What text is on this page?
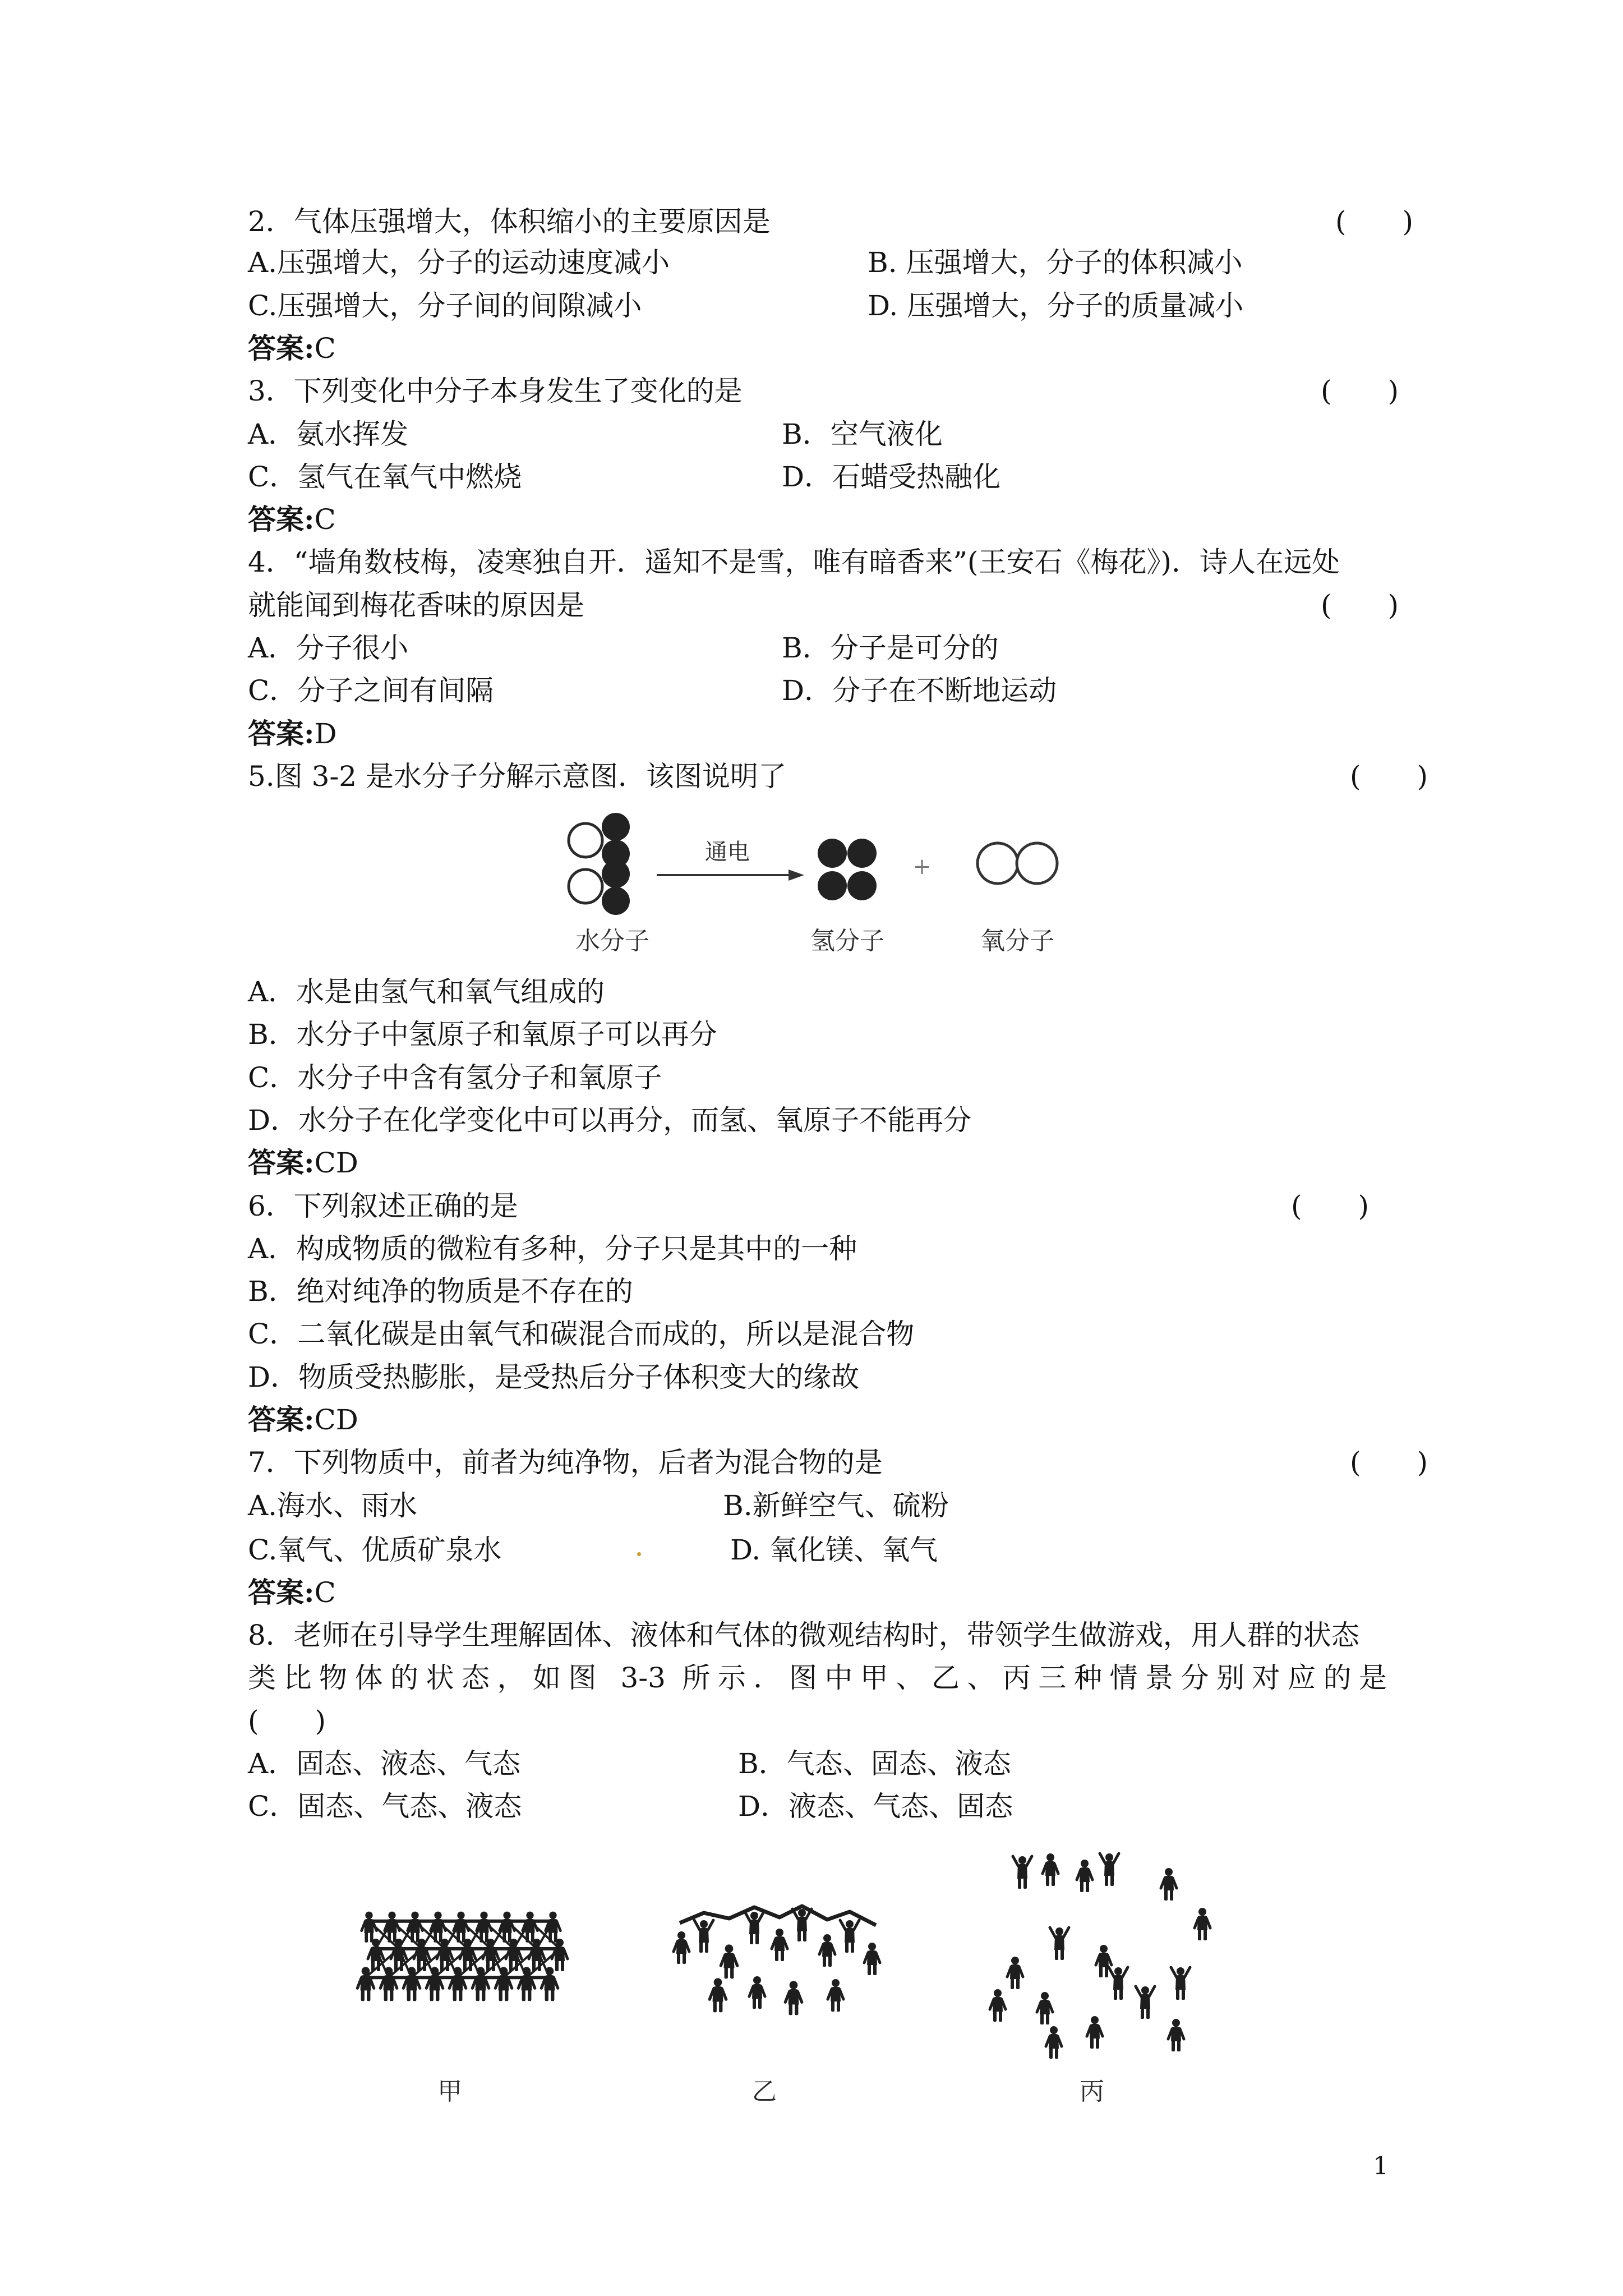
2．气体压强增大，体积缩小的主要原因是	(　　)
A.压强增大，分子的运动速度减小	B. 压强增大，分子的体积减小
C.压强增大，分子间的间隙减小	D. 压强增大，分子的质量减小
答案:C
3．下列变化中分子本身发生了变化的是	(　　)
A．氨水挥发	B．空气液化
C．氢气在氧气中燃烧	D．石蜡受热融化
答案:C
4．“墙角数枝梅，凌寒独自开．遥知不是雪，唯有暗香来”(王安石《梅花》)．诗人在远处
就能闻到梅花香味的原因是	(　　)
A．分子很小	B．分子是可分的
C．分子之间有间隔	D．分子在不断地运动
答案:D
5.图 3-2 是水分子分解示意图．该图说明了	(　　)
通电
+
水分子	氢分子	氧分子
A．水是由氢气和氧气组成的
B．水分子中氢原子和氧原子可以再分
C．水分子中含有氢分子和氧原子
D．水分子在化学变化中可以再分，而氢、氧原子不能再分
答案:CD
6．下列叙述正确的是	(　　)
A．构成物质的微粒有多种，分子只是其中的一种
B．绝对纯净的物质是不存在的
C．二氧化碳是由氧气和碳混合而成的，所以是混合物
D．物质受热膨胀，是受热后分子体积变大的缘故
答案:CD
7．下列物质中，前者为纯净物，后者为混合物的是	(　　)
A.海水、雨水	B.新鲜空气、硫粉
C.氧气、优质矿泉水	D. 氧化镁、氧气
答案:C
8．老师在引导学生理解固体、液体和气体的微观结构时，带领学生做游戏，用人群的状态
类比物体的状态，如图 3-3 所示．图中甲、乙、丙三种情景分别对应的是
(　　)
A．固态、液态、气态	B．气态、固态、液态
C．固态、气态、液态	D．液态、气态、固态
甲	乙	丙
1
